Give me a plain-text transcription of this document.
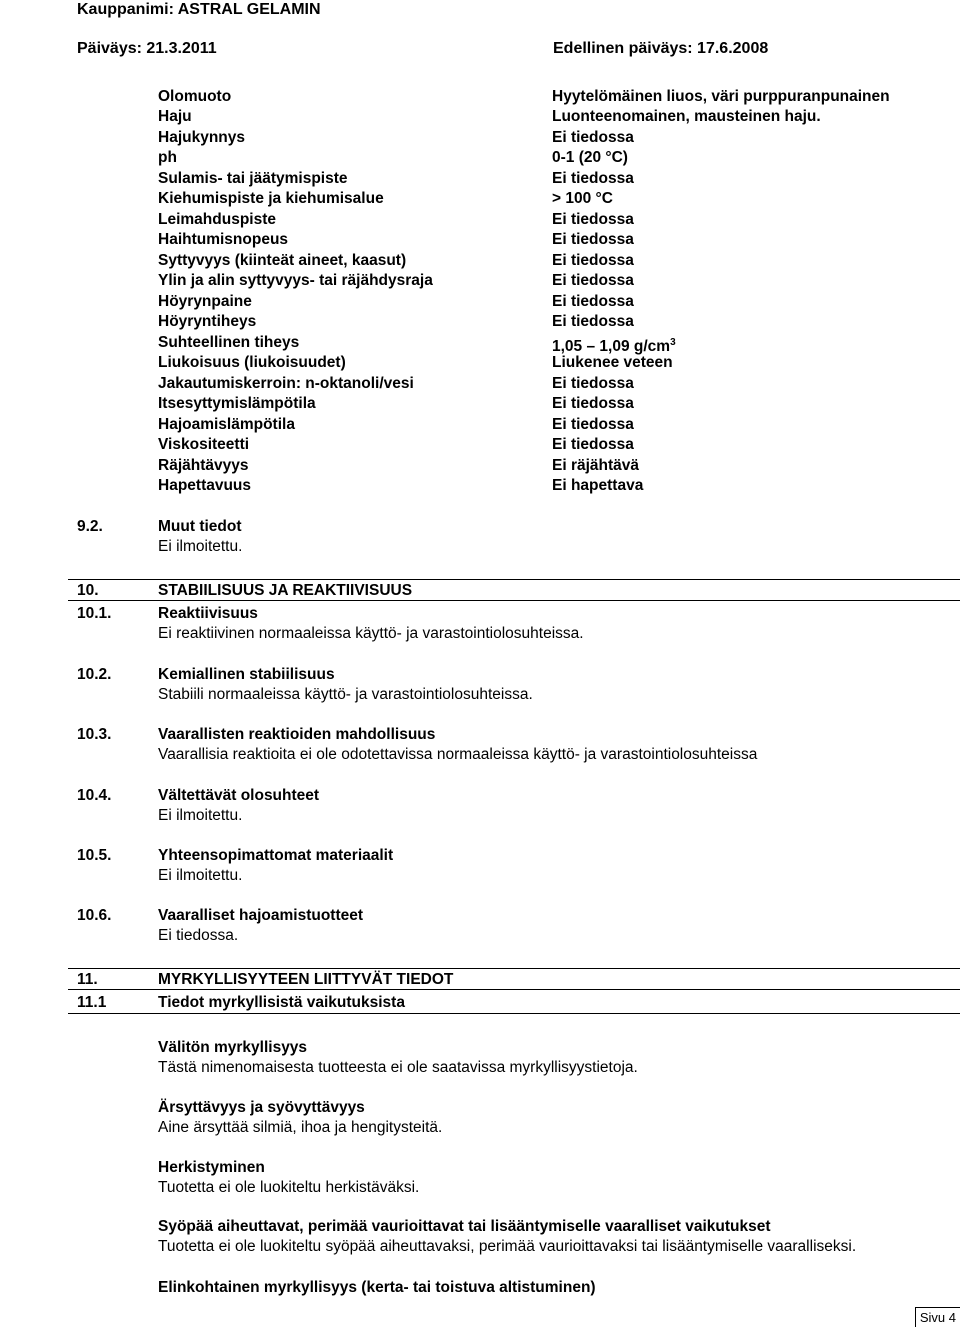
Kauppanimi: ASTRAL GELAMIN
Päiväys: 21.3.2011	Edellinen päiväys: 17.6.2008
Olomuoto	Hyytelömäinen liuos, väri purppuranpunainen
Haju	Luonteenomainen, mausteinen haju.
Hajukynnys	Ei tiedossa
ph	0-1 (20 °C)
Sulamis- tai jäätymispiste	Ei tiedossa
Kiehumispiste ja kiehumisalue	> 100 °C
Leimahduspiste	Ei tiedossa
Haihtumisnopeus	Ei tiedossa
Syttyvyys (kiinteät aineet, kaasut)	Ei tiedossa
Ylin ja alin syttyvyys- tai räjähdysraja	Ei tiedossa
Höyrynpaine	Ei tiedossa
Höyryntiheys	Ei tiedossa
Suhteellinen tiheys	1,05 – 1,09 $g/cm^3$
Liukoisuus (liukoisuudet)	Liukenee veteen
Jakautumiskerroin: n-oktanoli/vesi	Ei tiedossa
Itsesyttymislämpötila	Ei tiedossa
Hajoamislämpötila	Ei tiedossa
Viskositeetti	Ei tiedossa
Räjähtävyys	Ei räjähtävä
Hapettavuus	Ei hapettava
9.2.	Muut tiedot
Ei ilmoitettu.
10.	STABIILISUUS JA REAKTIIVISUUS
10.1.	Reaktiivisuus
Ei reaktiivinen normaaleissa käyttö- ja varastointiolosuhteissa.
10.2.	Kemiallinen stabiilisuus
Stabiili normaaleissa käyttö- ja varastointiolosuhteissa.
10.3.	Vaarallisten reaktioiden mahdollisuus
Vaarallisia reaktioita ei ole odotettavissa normaaleissa käyttö- ja varastointiolosuhteissa
10.4.	Vältettävät olosuhteet
Ei ilmoitettu.
10.5.	Yhteensopimattomat materiaalit
Ei ilmoitettu.
10.6.	Vaaralliset hajoamistuotteet
Ei tiedossa.
11.	MYRKYLLISYYTEEN LIITTYVÄT TIEDOT
11.1	Tiedot myrkyllisistä vaikutuksista
Välitön myrkyllisyys
Tästä nimenomaisesta tuotteesta ei ole saatavissa myrkyllisyystietoja.
Ärsyttävyys ja syövyttävyys
Aine ärsyttää silmiä, ihoa ja hengitysteitä.
Herkistyminen
Tuotetta ei ole luokiteltu herkistäväksi.
Syöpää aiheuttavat, perimää vaurioittavat tai lisääntymiselle vaaralliset vaikutukset
Tuotetta ei ole luokiteltu syöpää aiheuttavaksi, perimää vaurioittavaksi tai lisääntymiselle vaaralliseksi.
Elinkohtainen myrkyllisyys (kerta- tai toistuva altistuminen)
Sivu 4
